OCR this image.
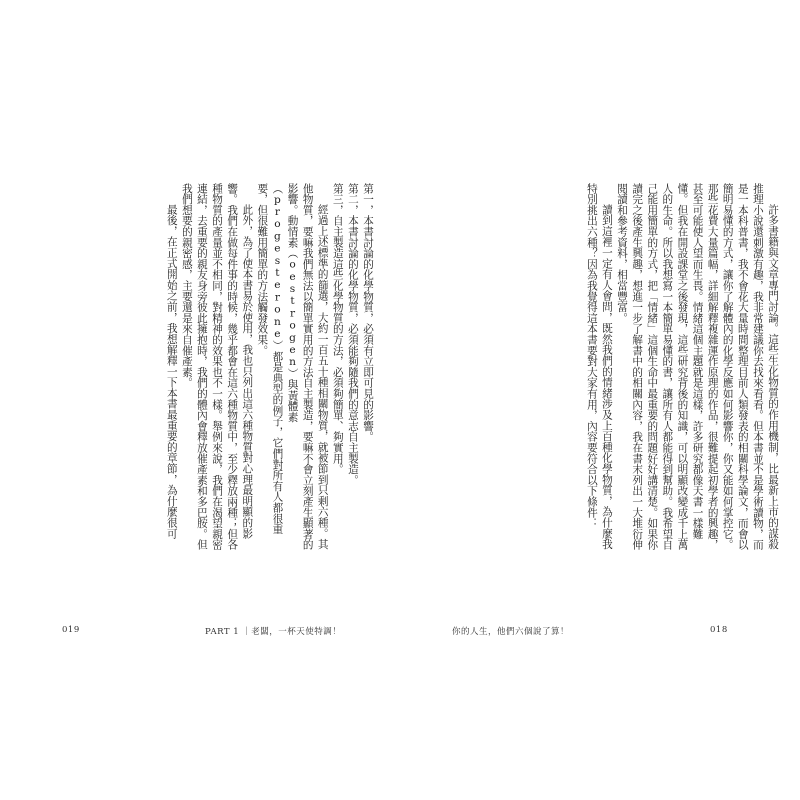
第一，本書討論的化學物質，必須有立即可見的影響。

第二，本書討論的化學物質，必須能夠隨我們的意志自主製造。

第三，自主製造這些化學物質的方法，必須夠簡單、夠實用。

經過上述標準的篩選，大約一百五十種相關物質，就被節到只剩六種。其他物質，要嘛我們無法以簡單實用的方法自主製造，要嘛不會立刻產生顯著的影響。動情素（oestrogen）與黃體素（progesterone）都是典型的例子，它們對所有人都很重要，但很難用簡單的方法觸發效果。

此外，為了使本書易於使用，我也只列出這六種物質對心理最明顯的影響。我們在做每件事的時候，幾乎都會在這六種物質中，至少釋放兩種；但各種物質的產量並不相同，對精神的效果也不一樣。舉例來說，我們在渴望親密連結，去重要的親友身旁彼此擁抱時，我們的體內會釋放催產素和多巴胺。但我們想要的親密感，主要還是來自催產素。

最後，在正式開始之前，我想解釋一下本書最重要的章節，為什麼很可

019	PART 1 ｜老闆，一杯天使特調！

許多書籍與文章專門討論。這些生化物質的作用機制，比最新上市的謀殺推理小說還刺激有趣，我非常建議你去找來看看。但本書並不是學術讀物，而是一本科普書，我不會花大量時間整理目前人類發表的相關科學論文，而會以簡明易懂的方式，讓你了解體內的化學反應如何影響你，你又能如何掌控它。那些花費大量篇幅，詳細解釋複雜運作原理的作品，很難提起初學者的興趣，甚至可能使人望而生畏。情緒這個主題就是這樣，許多研究都像天書一樣難懂。但我在開設課堂之後發現，這些研究背後的知識，可以明顯改變成千上萬人的生命。所以我想寫一本簡單易懂的書，讓所有人都能得到幫助。我希望自己能用簡單的方式，把「情緒」這個生命中最重要的問題好好講清楚。如果你讀完之後產生興趣，想進一步了解書中的相關內容，我在書末列出一大堆衍伸閱讀和參考資料，相當豐富。

讀到這裡一定有人會問，既然我們的情緒涉及上百種化學物質，為什麼我特別挑出六種？因為我覺得這本書要對大家有用，內容要符合以下條件：

你的人生，他們六個說了算！	018
